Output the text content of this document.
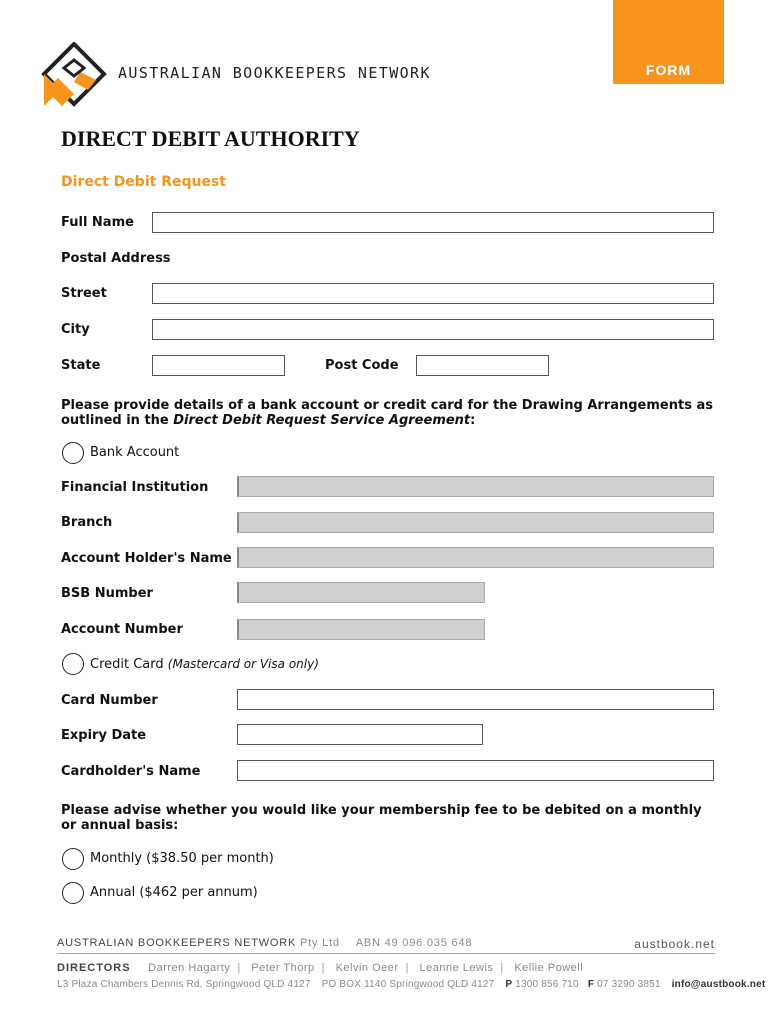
AUSTRALIAN BOOKKEEPERS NETWORK	FORM
DIRECT DEBIT AUTHORITY
Direct Debit Request
Full Name
Postal Address
Street
City
State	Post Code
Please provide details of a bank account or credit card for the Drawing Arrangements as outlined in the Direct Debit Request Service Agreement:
Bank Account
Financial Institution
Branch
Account Holder's Name
BSB Number
Account Number
Credit Card (Mastercard or Visa only)
Card Number
Expiry Date
Cardholder's Name
Please advise whether you would like your membership fee to be debited on a monthly or annual basis:
Monthly ($38.50 per month)
Annual ($462 per annum)
AUSTRALIAN BOOKKEEPERS NETWORK Pty Ltd ABN 49 096 035 648	austbook.net
DIRECTORS Darren Hagarty | Peter Thorp | Kelvin Oeer | Leanne Lewis | Kellie Powell
L3 Plaza Chambers Dennis Rd, Springwood QLD 4127 PO BOX 1140 Springwood QLD 4127 P 1300 856 710 F 07 3290 3851 info@austbook.net
